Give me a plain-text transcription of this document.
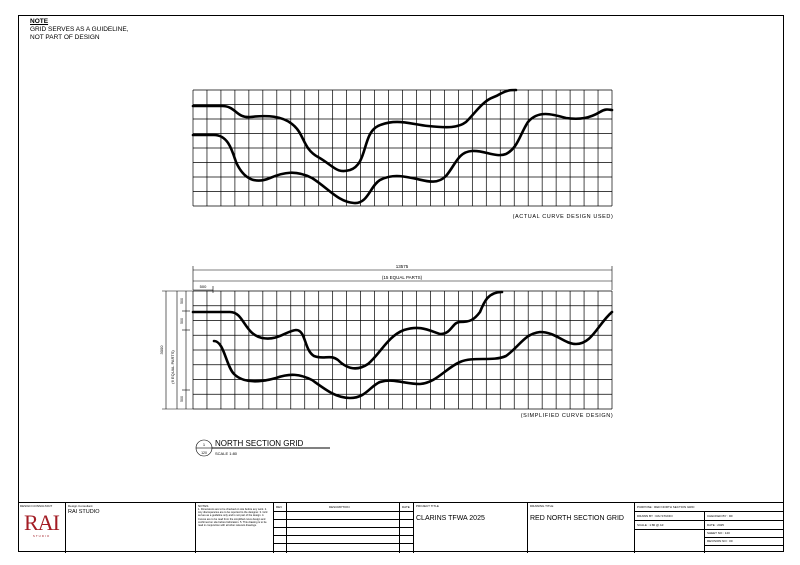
NOTE
GRID SERVES AS A GUIDELINE,
NOT PART OF DESIGN
(ACTUAL CURVE DESIGN USED)
13575
(15 EQUAL PARTS)
500
3000
(6 EQUAL PARTS)
500
500
500
(SIMPLIFIED CURVE DESIGN)
1
120
NORTH SECTION GRID
SCALE 1:80
DESIGN CONSULTANT
RAI
STUDIO
Design Consultant
RAI STUDIO
NOTES
1. Dimensions are to be checked on site before any work. 2. Any discrepancies are to be reported to the designer. 3. Grid serves as a guideline only and is not part of the design. 4. Curves are to be read from the simplified curve design and confirmed on site before fabrication. 5. This drawing is to be read in conjunction with all other relevant drawings.
REV	DESCRIPTION	DATE PROJECT TITLE
CLARINS TFWA 2025
DRAWING TITLE
RED NORTH SECTION GRID
PURPOSE : RED NORTH SECTION GRID
DRAWN BY : RAI STUDIO
SCALE : 1:80 @ A3
CHECKED BY : DF
DATE : 2025
SHEET NO : 120
REVISION NO : 00
